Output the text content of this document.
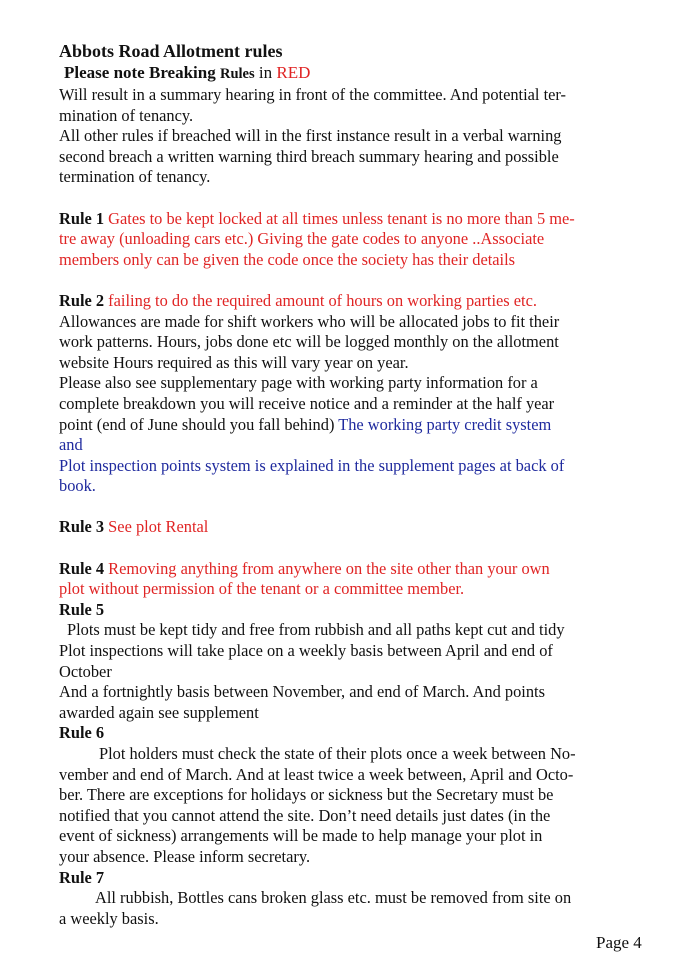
Abbots Road Allotment rules
Please note Breaking Rules in RED

Will result in a summary hearing in front of the committee. And potential ter-

mination of tenancy.

All other rules if breached will in the first instance result in a verbal warning

second breach a written warning third breach summary hearing and possible

termination of tenancy.

Rule 1 Gates to be kept locked at all times unless tenant is no more than 5 me-

tre away (unloading cars etc.) Giving the gate codes to anyone ..Associate

members only can be given the code once the society has their details

Rule 2 failing to do the required amount of hours on working parties etc.

Allowances are made for shift workers who will be allocated jobs to fit their

work patterns. Hours, jobs done etc will be logged monthly on the allotment

website Hours required as this will vary year on year.

Please also see supplementary page with working party information for a

complete breakdown you will receive notice and a reminder at the half year

point (end of June should you fall behind) The working party credit system

and

Plot inspection points system is explained in the supplement pages at back of

book.

Rule 3 See plot Rental

Rule 4 Removing anything from anywhere on the site other than your own

plot without permission of the tenant or a committee member.

Rule 5

Plots must be kept tidy and free from rubbish and all paths kept cut and tidy

Plot inspections will take place on a weekly basis between April and end of

October

And a fortnightly basis between November, and end of March. And points

awarded again see supplement

Rule 6

Plot holders must check the state of their plots once a week between No-

vember and end of March. And at least twice a week between, April and Octo-

ber. There are exceptions for holidays or sickness but the Secretary must be

notified that you cannot attend the site. Don’t need details just dates (in the

event of sickness) arrangements will be made to help manage your plot in

your absence. Please inform secretary.

Rule 7

All rubbish, Bottles cans broken glass etc. must be removed from site on

a weekly basis.

Page 4
